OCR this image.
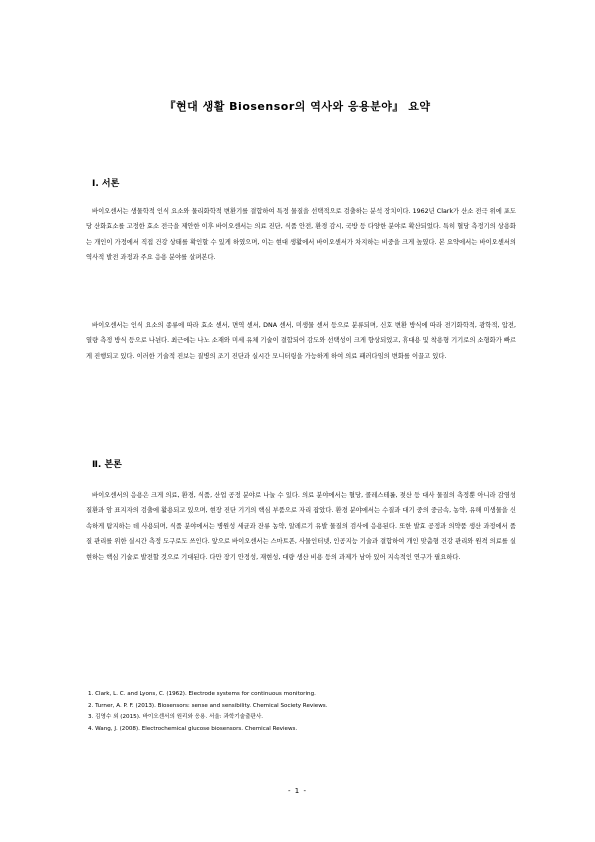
『현대 생활 Biosensor의 역사와 응용분야』 요약
Ⅰ. 서론

바이오센서는 생물학적 인식 요소와 물리화학적 변환기를 결합하여 특정 물질을 선택적으로 검출하는 분석 장치이다. 1962년 Clark가 산소 전극 위에 포도당 산화효소를 고정한 효소 전극을 제안한 이후 바이오센서는 의료 진단, 식품 안전, 환경 감시, 국방 등 다양한 분야로 확산되었다. 특히 혈당 측정기의 상용화는 개인이 가정에서 직접 건강 상태를 확인할 수 있게 하였으며, 이는 현대 생활에서 바이오센서가 차지하는 비중을 크게 높였다. 본 요약에서는 바이오센서의 역사적 발전 과정과 주요 응용 분야를 살펴본다.

바이오센서는 인식 요소의 종류에 따라 효소 센서, 면역 센서, DNA 센서, 미생물 센서 등으로 분류되며, 신호 변환 방식에 따라 전기화학적, 광학적, 압전, 열량 측정 방식 등으로 나뉜다. 최근에는 나노 소재와 미세 유체 기술이 결합되어 감도와 선택성이 크게 향상되었고, 휴대용 및 착용형 기기로의 소형화가 빠르게 진행되고 있다. 이러한 기술적 진보는 질병의 조기 진단과 실시간 모니터링을 가능하게 하여 의료 패러다임의 변화를 이끌고 있다.

Ⅱ. 본론

바이오센서의 응용은 크게 의료, 환경, 식품, 산업 공정 분야로 나눌 수 있다. 의료 분야에서는 혈당, 콜레스테롤, 젖산 등 대사 물질의 측정뿐 아니라 감염성 질환과 암 표지자의 검출에 활용되고 있으며, 현장 진단 기기의 핵심 부품으로 자리 잡았다. 환경 분야에서는 수질과 대기 중의 중금속, 농약, 유해 미생물을 신속하게 탐지하는 데 사용되며, 식품 분야에서는 병원성 세균과 잔류 농약, 알레르기 유발 물질의 검사에 응용된다. 또한 발효 공정과 의약품 생산 과정에서 품질 관리를 위한 실시간 측정 도구로도 쓰인다. 앞으로 바이오센서는 스마트폰, 사물인터넷, 인공지능 기술과 결합하여 개인 맞춤형 건강 관리와 원격 의료를 실현하는 핵심 기술로 발전할 것으로 기대된다. 다만 장기 안정성, 재현성, 대량 생산 비용 등의 과제가 남아 있어 지속적인 연구가 필요하다.

1. Clark, L. C. and Lyons, C. (1962). Electrode systems for continuous monitoring.
2. Turner, A. P. F. (2013). Biosensors: sense and sensibility. Chemical Society Reviews.
3. 김영수 외 (2015). 바이오센서의 원리와 응용. 서울: 과학기술출판사.
4. Wang, J. (2008). Electrochemical glucose biosensors. Chemical Reviews.
- 1 -
